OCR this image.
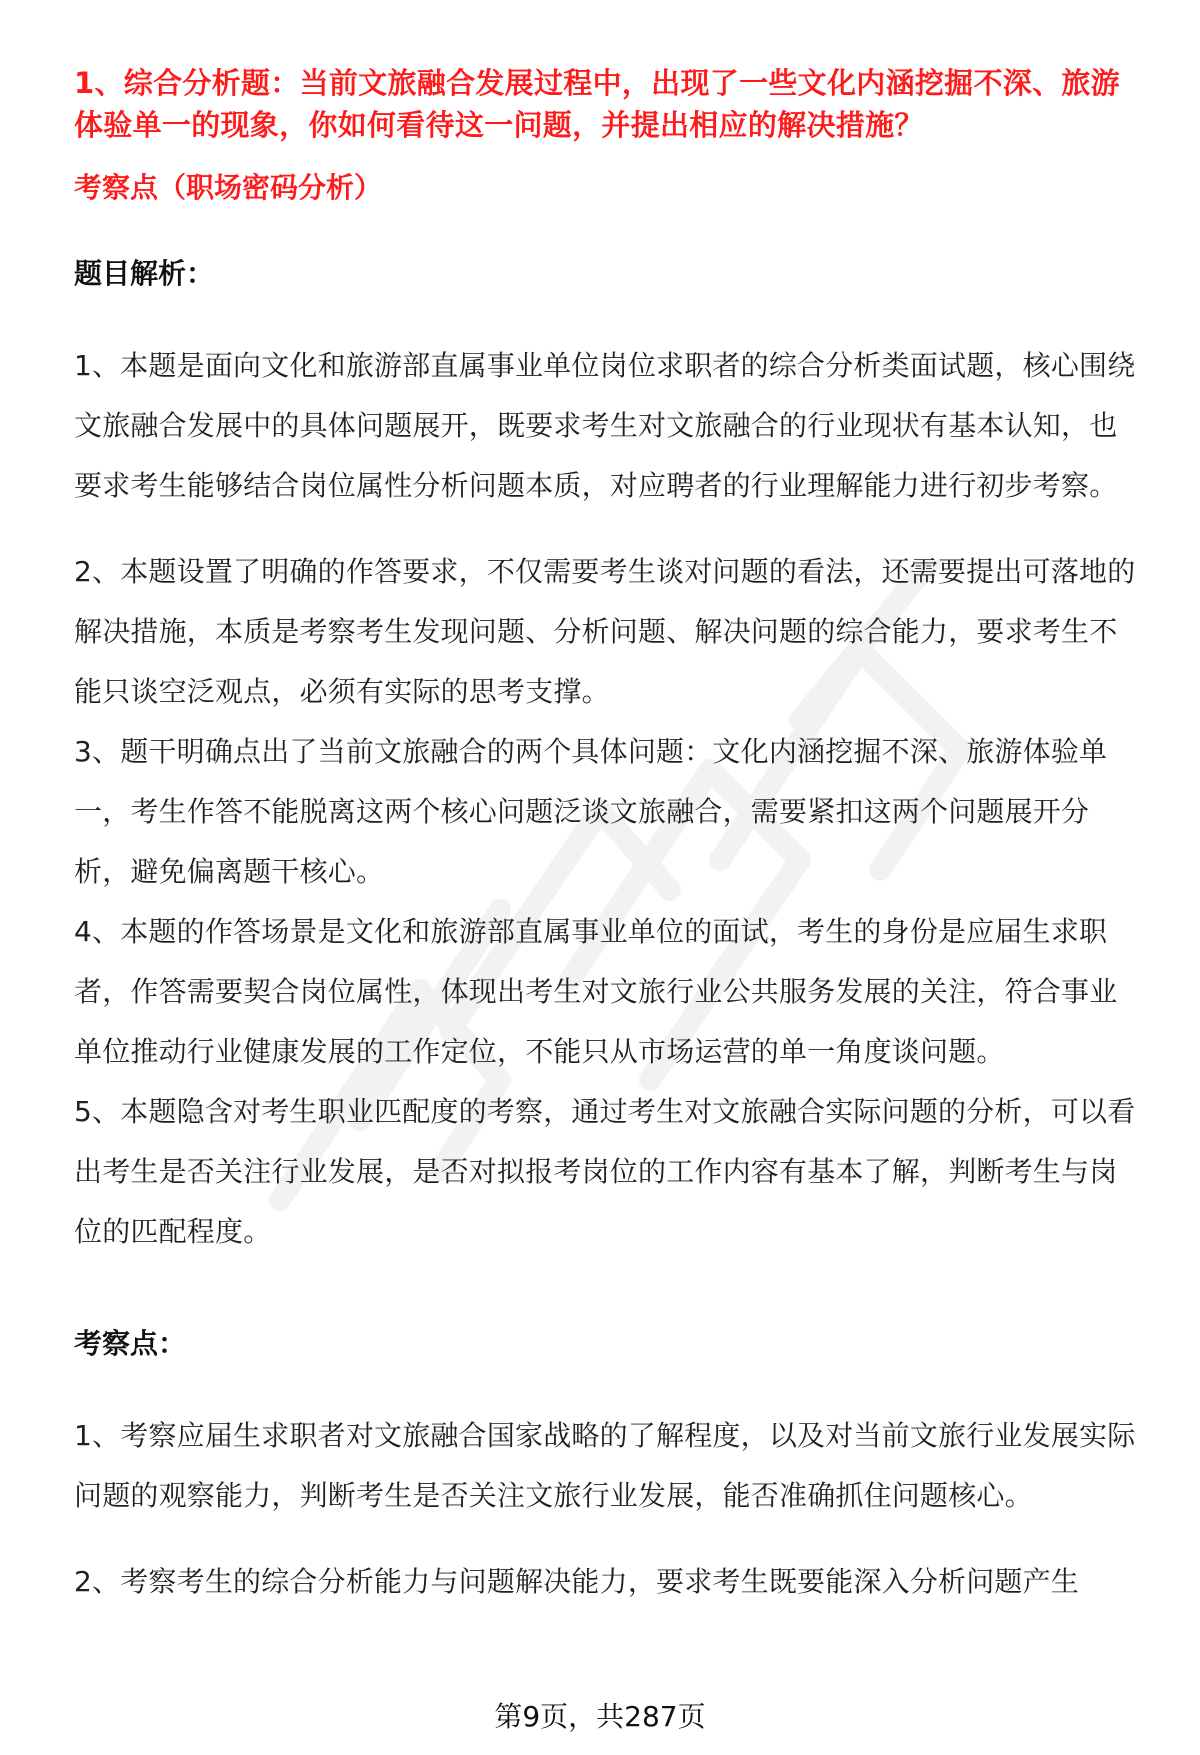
1、综合分析题：当前文旅融合发展过程中，出现了一些文化内涵挖掘不深、旅游体验单一的现象，你如何看待这一问题，并提出相应的解决措施？

考察点（职场密码分析）

题目解析：

1、本题是面向文化和旅游部直属事业单位岗位求职者的综合分析类面试题，核心围绕文旅融合发展中的具体问题展开，既要求考生对文旅融合的行业现状有基本认知，也要求考生能够结合岗位属性分析问题本质，对应聘者的行业理解能力进行初步考察。

2、本题设置了明确的作答要求，不仅需要考生谈对问题的看法，还需要提出可落地的解决措施，本质是考察考生发现问题、分析问题、解决问题的综合能力，要求考生不能只谈空泛观点，必须有实际的思考支撑。

3、题干明确点出了当前文旅融合的两个具体问题：文化内涵挖掘不深、旅游体验单一，考生作答不能脱离这两个核心问题泛谈文旅融合，需要紧扣这两个问题展开分析，避免偏离题干核心。

4、本题的作答场景是文化和旅游部直属事业单位的面试，考生的身份是应届生求职者，作答需要契合岗位属性，体现出考生对文旅行业公共服务发展的关注，符合事业单位推动行业健康发展的工作定位，不能只从市场运营的单一角度谈问题。

5、本题隐含对考生职业匹配度的考察，通过考生对文旅融合实际问题的分析，可以看出考生是否关注行业发展，是否对拟报考岗位的工作内容有基本了解，判断考生与岗位的匹配程度。

考察点：

1、考察应届生求职者对文旅融合国家战略的了解程度，以及对当前文旅行业发展实际问题的观察能力，判断考生是否关注文旅行业发展，能否准确抓住问题核心。

2、考察考生的综合分析能力与问题解决能力，要求考生既要能深入分析问题产生

第9页，共287页
